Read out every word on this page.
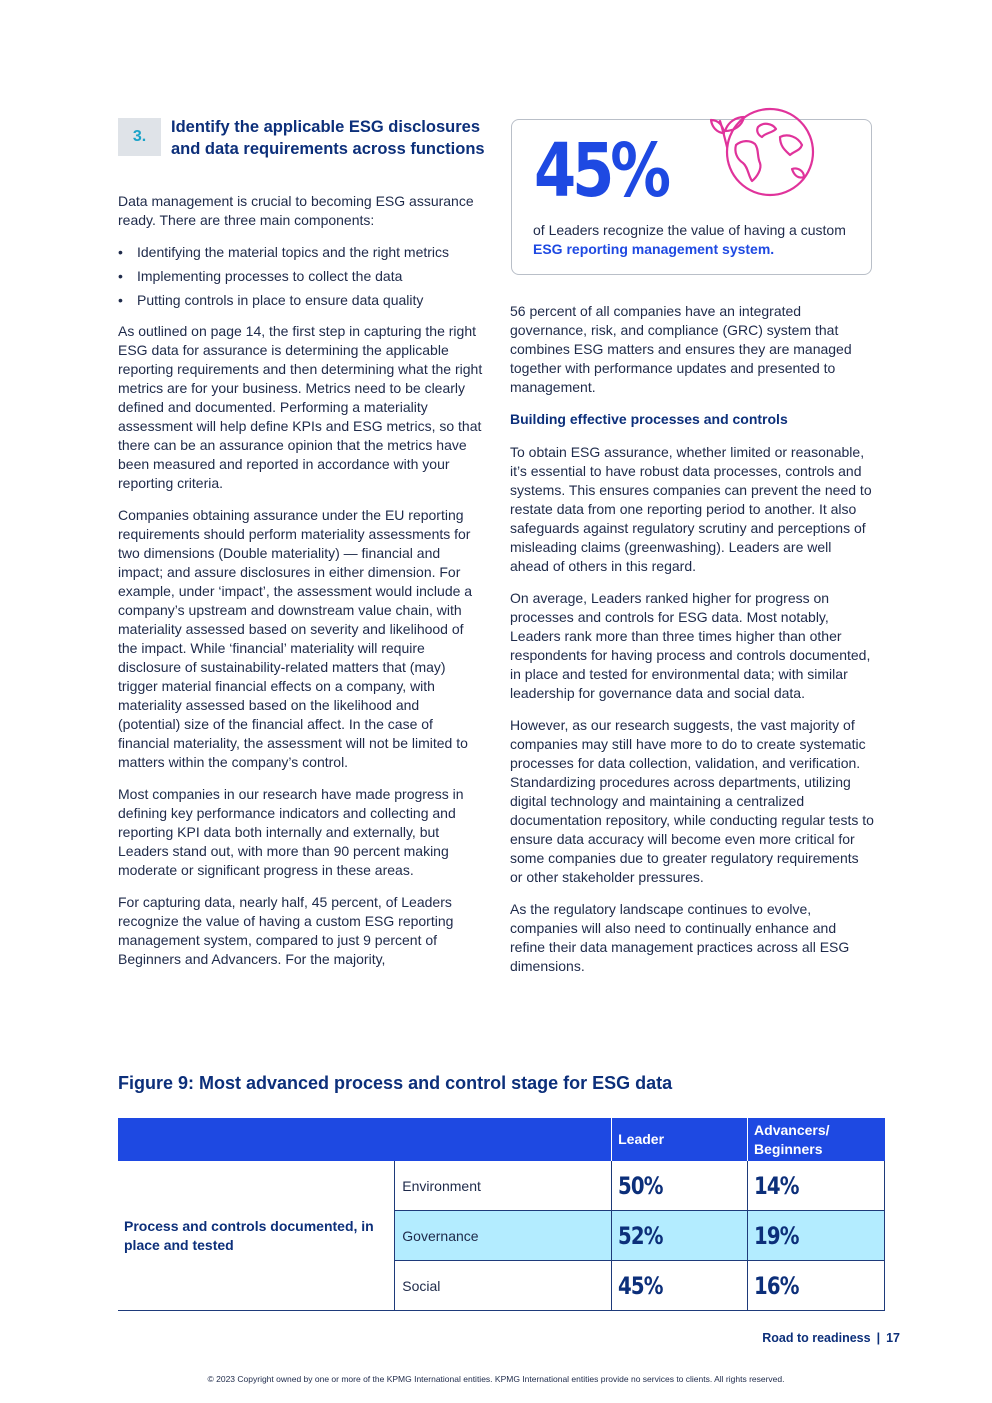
3.
Identify the applicable ESG disclosures and data requirements across functions

Data management is crucial to becoming ESG assurance ready. There are three main components:

• Identifying the material topics and the right metrics
• Implementing processes to collect the data
• Putting controls in place to ensure data quality

As outlined on page 14, the first step in capturing the right ESG data for assurance is determining the applicable reporting requirements and then determining what the right metrics are for your business. Metrics need to be clearly defined and documented. Performing a materiality assessment will help define KPIs and ESG metrics, so that there can be an assurance opinion that the metrics have been measured and reported in accordance with your reporting criteria.

Companies obtaining assurance under the EU reporting requirements should perform materiality assessments for two dimensions (Double materiality) — financial and impact; and assure disclosures in either dimension. For example, under ‘impact’, the assessment would include a company’s upstream and downstream value chain, with materiality assessed based on severity and likelihood of the impact. While ‘financial’ materiality will require disclosure of sustainability-related matters that (may) trigger material financial effects on a company, with materiality assessed based on the likelihood and (potential) size of the financial affect. In the case of financial materiality, the assessment will not be limited to matters within the company’s control.

Most companies in our research have made progress in defining key performance indicators and collecting and reporting KPI data both internally and externally, but Leaders stand out, with more than 90 percent making moderate or significant progress in these areas.

For capturing data, nearly half, 45 percent, of Leaders recognize the value of having a custom ESG reporting management system, compared to just 9 percent of Beginners and Advancers. For the majority,

45%
of Leaders recognize the value of having a custom ESG reporting management system.

56 percent of all companies have an integrated governance, risk, and compliance (GRC) system that combines ESG matters and ensures they are managed together with performance updates and presented to management.

Building effective processes and controls

To obtain ESG assurance, whether limited or reasonable, it’s essential to have robust data processes, controls and systems. This ensures companies can prevent the need to restate data from one reporting period to another. It also safeguards against regulatory scrutiny and perceptions of misleading claims (greenwashing). Leaders are well ahead of others in this regard.

On average, Leaders ranked higher for progress on processes and controls for ESG data. Most notably, Leaders rank more than three times higher than other respondents for having process and controls documented, in place and tested for environmental data; with similar leadership for governance data and social data.

However, as our research suggests, the vast majority of companies may still have more to do to create systematic processes for data collection, validation, and verification. Standardizing procedures across departments, utilizing digital technology and maintaining a centralized documentation repository, while conducting regular tests to ensure data accuracy will become even more critical for some companies due to greater regulatory requirements or other stakeholder pressures.

As the regulatory landscape continues to evolve, companies will also need to continually enhance and refine their data management practices across all ESG dimensions.

Figure 9: Most advanced process and control stage for ESG data
		Leader	Advancers/ Beginners
Process and controls documented, in place and tested	Environment	50%	14%
	Governance	52%	19%
	Social	45%	16%
Road to readiness | 17
© 2023 Copyright owned by one or more of the KPMG International entities. KPMG International entities provide no services to clients. All rights reserved.
